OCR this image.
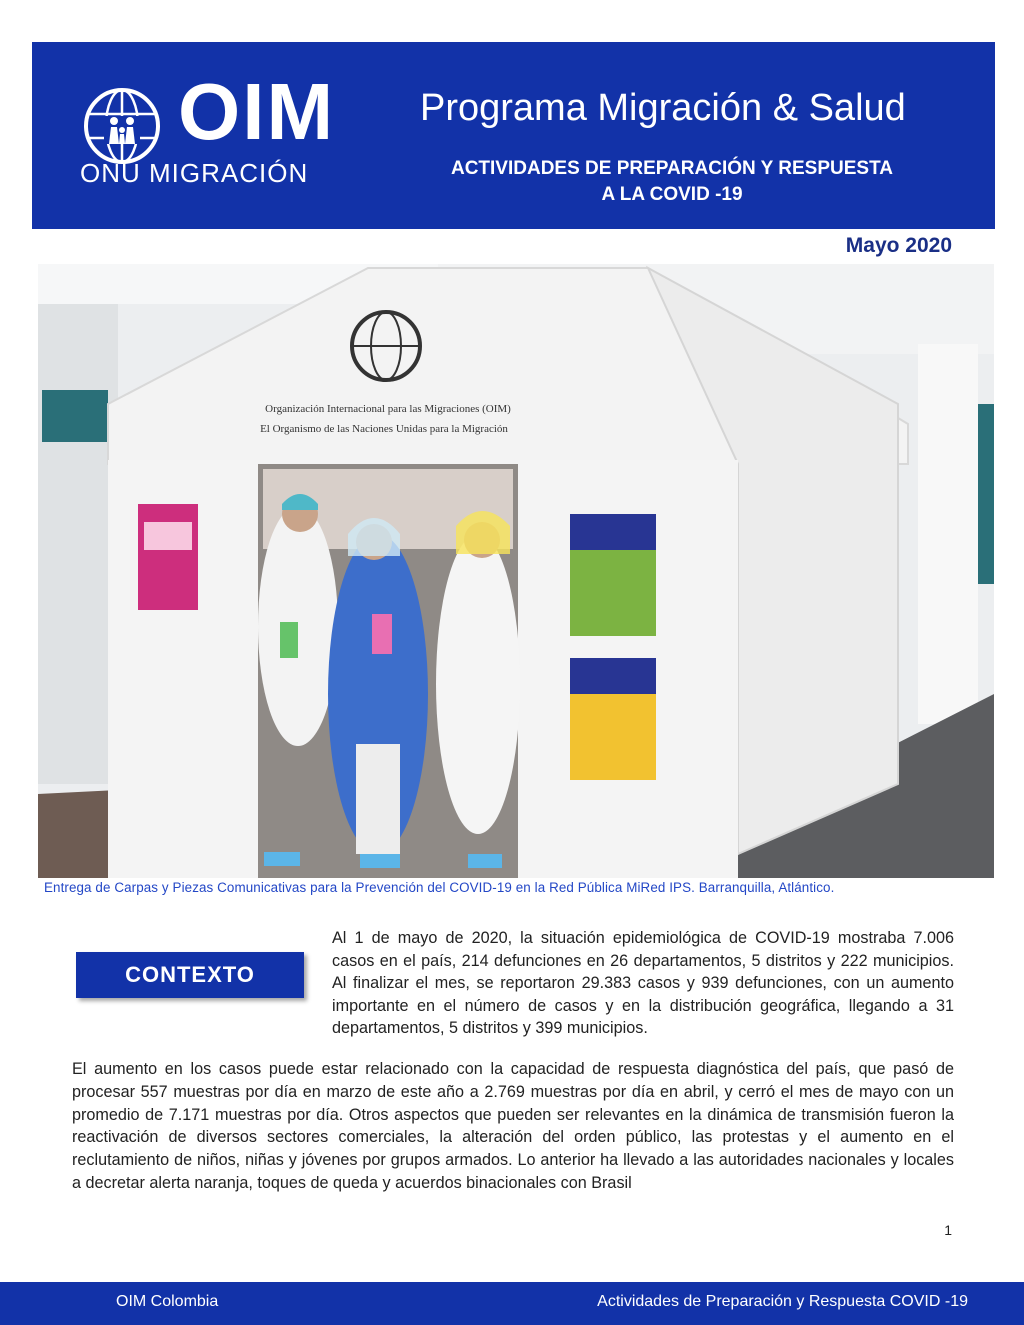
OIM
ONU MIGRACIÓN
Programa Migración & Salud
ACTIVIDADES DE PREPARACIÓN Y RESPUESTA
A LA COVID -19
Mayo 2020
Organización Internacional para las Migraciones (OIM)
El Organismo de las Naciones Unidas para la Migración
Entrega de Carpas y Piezas Comunicativas para la Prevención del COVID-19 en la Red Pública MiRed IPS. Barranquilla, Atlántico.
CONTEXTO

Al 1 de mayo de 2020, la situación epidemiológica de COVID-19 mostraba 7.006 casos en el país, 214 defunciones en 26 departamentos, 5 distritos y 222 municipios. Al finalizar el mes, se reportaron 29.383 casos y 939 defunciones, con un aumento importante en el número de casos y en la distribución geográfica, llegando a 31 departamentos, 5 distritos y 399 municipios.

El aumento en los casos puede estar relacionado con la capacidad de respuesta diagnóstica del país, que pasó de procesar 557 muestras por día en marzo de este año a 2.769 muestras por día en abril, y cerró el mes de mayo con un promedio de 7.171 muestras por día. Otros aspectos que pueden ser relevantes en la dinámica de transmisión fueron la reactivación de diversos sectores comerciales, la alteración del orden público, las protestas y el aumento en el reclutamiento de niños, niñas y jóvenes por grupos armados. Lo anterior ha llevado a las autoridades nacionales y locales a decretar alerta naranja, toques de queda y acuerdos binacionales con Brasil

1
OIM Colombia	Actividades de Preparación y Respuesta COVID -19
